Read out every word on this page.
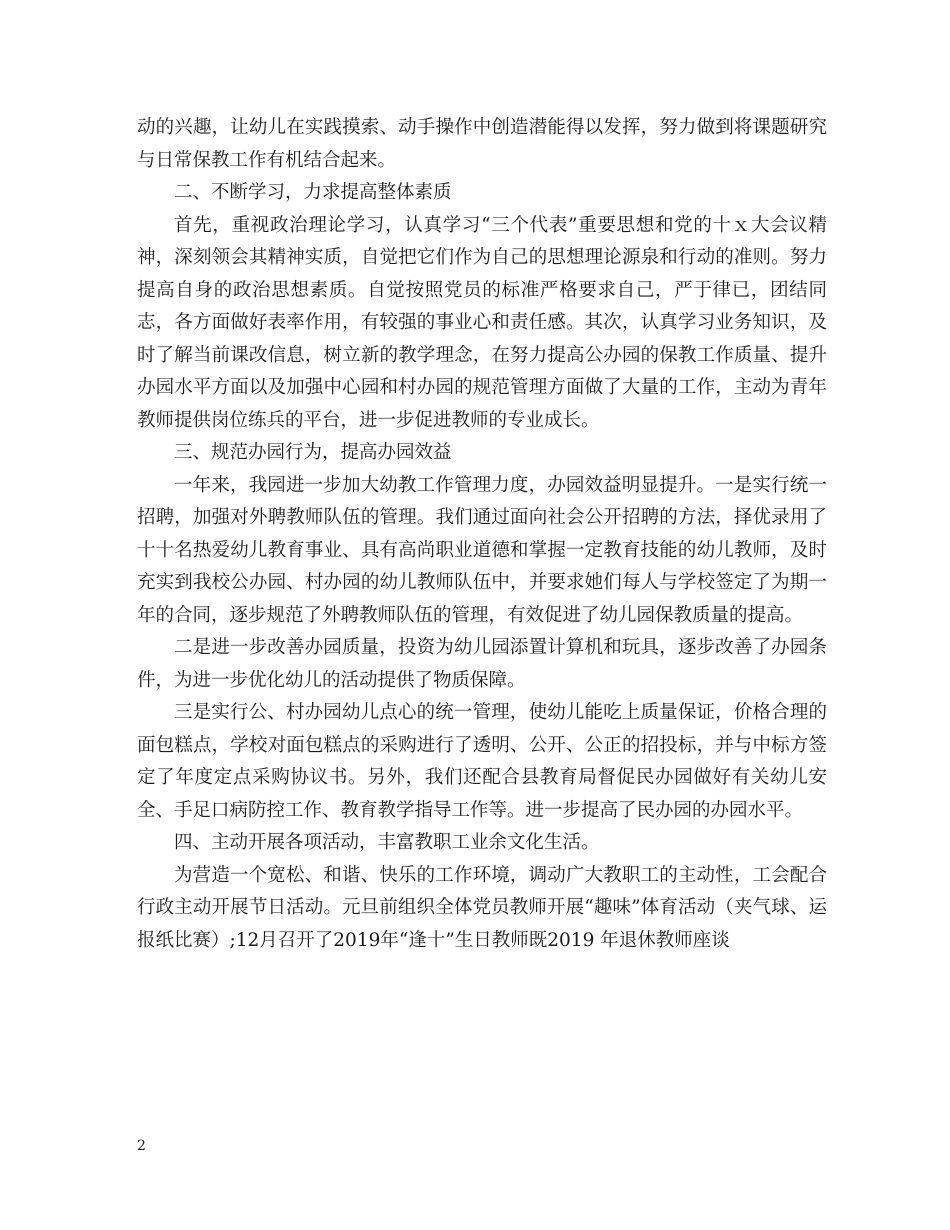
动的兴趣，让幼儿在实践摸索、动手操作中创造潜能得以发挥，努力做到将课题研究与日常保教工作有机结合起来。

二、不断学习，力求提高整体素质

首先，重视政治理论学习，认真学习“三个代表”重要思想和党的十ｘ大会议精神，深刻领会其精神实质，自觉把它们作为自己的思想理论源泉和行动的准则。努力提高自身的政治思想素质。自觉按照党员的标准严格要求自己，严于律已，团结同志，各方面做好表率作用，有较强的事业心和责任感。其次，认真学习业务知识，及时了解当前课改信息，树立新的教学理念，在努力提高公办园的保教工作质量、提升办园水平方面以及加强中心园和村办园的规范管理方面做了大量的工作，主动为青年教师提供岗位练兵的平台，进一步促进教师的专业成长。

三、规范办园行为，提高办园效益

一年来，我园进一步加大幼教工作管理力度，办园效益明显提升。一是实行统一招聘，加强对外聘教师队伍的管理。我们通过面向社会公开招聘的方法，择优录用了十十名热爱幼儿教育事业、具有高尚职业道德和掌握一定教育技能的幼儿教师，及时充实到我校公办园、村办园的幼儿教师队伍中，并要求她们每人与学校签定了为期一年的合同，逐步规范了外聘教师队伍的管理，有效促进了幼儿园保教质量的提高。

二是进一步改善办园质量，投资为幼儿园添置计算机和玩具，逐步改善了办园条件，为进一步优化幼儿的活动提供了物质保障。

三是实行公、村办园幼儿点心的统一管理，使幼儿能吃上质量保证，价格合理的面包糕点，学校对面包糕点的采购进行了透明、公开、公正的招投标，并与中标方签定了年度定点采购协议书。另外，我们还配合县教育局督促民办园做好有关幼儿安全、手足口病防控工作、教育教学指导工作等。进一步提高了民办园的办园水平。

四、主动开展各项活动，丰富教职工业余文化生活。

为营造一个宽松、和谐、快乐的工作环境，调动广大教职工的主动性，工会配合行政主动开展节日活动。元旦前组织全体党员教师开展“趣味”体育活动（夹气球、运报纸比赛）;12月召开了2019年“逢十”生日教师既2019 年退休教师座谈

2
